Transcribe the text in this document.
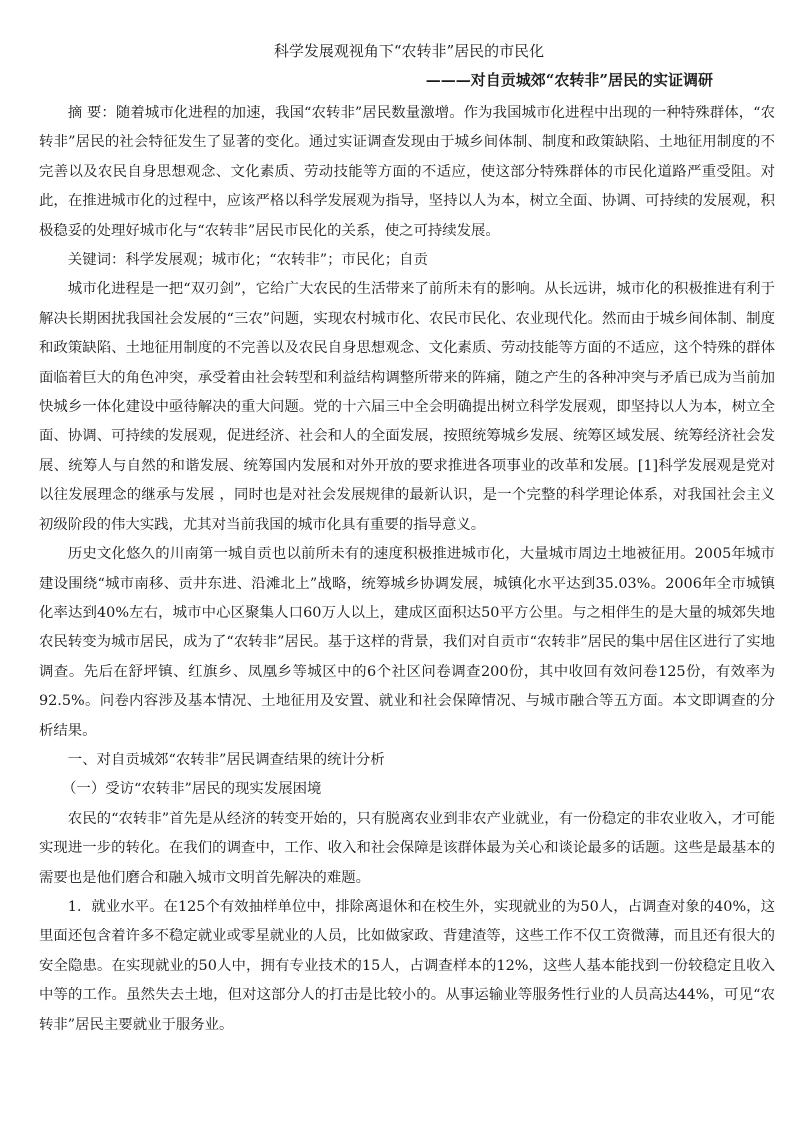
科学发展观视角下“农转非”居民的市民化

———对自贡城郊“农转非”居民的实证调研

摘 要：随着城市化进程的加速，我国“农转非”居民数量激增。作为我国城市化进程中出现的一种特殊群体，“农转非”居民的社会特征发生了显著的变化。通过实证调查发现由于城乡间体制、制度和政策缺陷、土地征用制度的不完善以及农民自身思想观念、文化素质、劳动技能等方面的不适应，使这部分特殊群体的市民化道路严重受阻。对此，在推进城市化的过程中，应该严格以科学发展观为指导，坚持以人为本，树立全面、协调、可持续的发展观，积极稳妥的处理好城市化与“农转非”居民市民化的关系，使之可持续发展。

关键词：科学发展观；城市化；“农转非”；市民化；自贡

城市化进程是一把“双刃剑”，它给广大农民的生活带来了前所未有的影响。从长远讲，城市化的积极推进有利于解决长期困扰我国社会发展的“三农”问题，实现农村城市化、农民市民化、农业现代化。然而由于城乡间体制、制度和政策缺陷、土地征用制度的不完善以及农民自身思想观念、文化素质、劳动技能等方面的不适应，这个特殊的群体面临着巨大的角色冲突，承受着由社会转型和利益结构调整所带来的阵痛，随之产生的各种冲突与矛盾已成为当前加快城乡一体化建设中亟待解决的重大问题。党的十六届三中全会明确提出树立科学发展观，即坚持以人为本，树立全面、协调、可持续的发展观，促进经济、社会和人的全面发展，按照统筹城乡发展、统筹区域发展、统筹经济社会发展、统筹人与自然的和谐发展、统筹国内发展和对外开放的要求推进各项事业的改革和发展。[1]科学发展观是党对以往发展理念的继承与发展 ，同时也是对社会发展规律的最新认识，是一个完整的科学理论体系，对我国社会主义初级阶段的伟大实践，尤其对当前我国的城市化具有重要的指导意义。

历史文化悠久的川南第一城自贡也以前所未有的速度积极推进城市化，大量城市周边土地被征用。2005年城市建设围绕“城市南移、贡井东进、沿滩北上”战略，统筹城乡协调发展，城镇化水平达到35.03%。2006年全市城镇化率达到40%左右，城市中心区聚集人口60万人以上，建成区面积达50平方公里。与之相伴生的是大量的城郊失地农民转变为城市居民，成为了“农转非”居民。基于这样的背景，我们对自贡市“农转非”居民的集中居住区进行了实地调查。先后在舒坪镇、红旗乡、凤凰乡等城区中的6个社区问卷调查200份，其中收回有效问卷125份，有效率为92.5%。问卷内容涉及基本情况、土地征用及安置、就业和社会保障情况、与城市融合等五方面。本文即调查的分析结果。

一、对自贡城郊“农转非”居民调查结果的统计分析

（一）受访“农转非”居民的现实发展困境

农民的“农转非”首先是从经济的转变开始的，只有脱离农业到非农产业就业，有一份稳定的非农业收入，才可能实现进一步的转化。在我们的调查中，工作、收入和社会保障是该群体最为关心和谈论最多的话题。这些是最基本的需要也是他们磨合和融入城市文明首先解决的难题。

1．就业水平。在125个有效抽样单位中，排除离退休和在校生外，实现就业的为50人，占调查对象的40%，这里面还包含着许多不稳定就业或零星就业的人员，比如做家政、背建渣等，这些工作不仅工资微薄，而且还有很大的安全隐患。在实现就业的50人中，拥有专业技术的15人，占调查样本的12%，这些人基本能找到一份较稳定且收入中等的工作。虽然失去土地，但对这部分人的打击是比较小的。从事运输业等服务性行业的人员高达44%，可见“农转非”居民主要就业于服务业。
